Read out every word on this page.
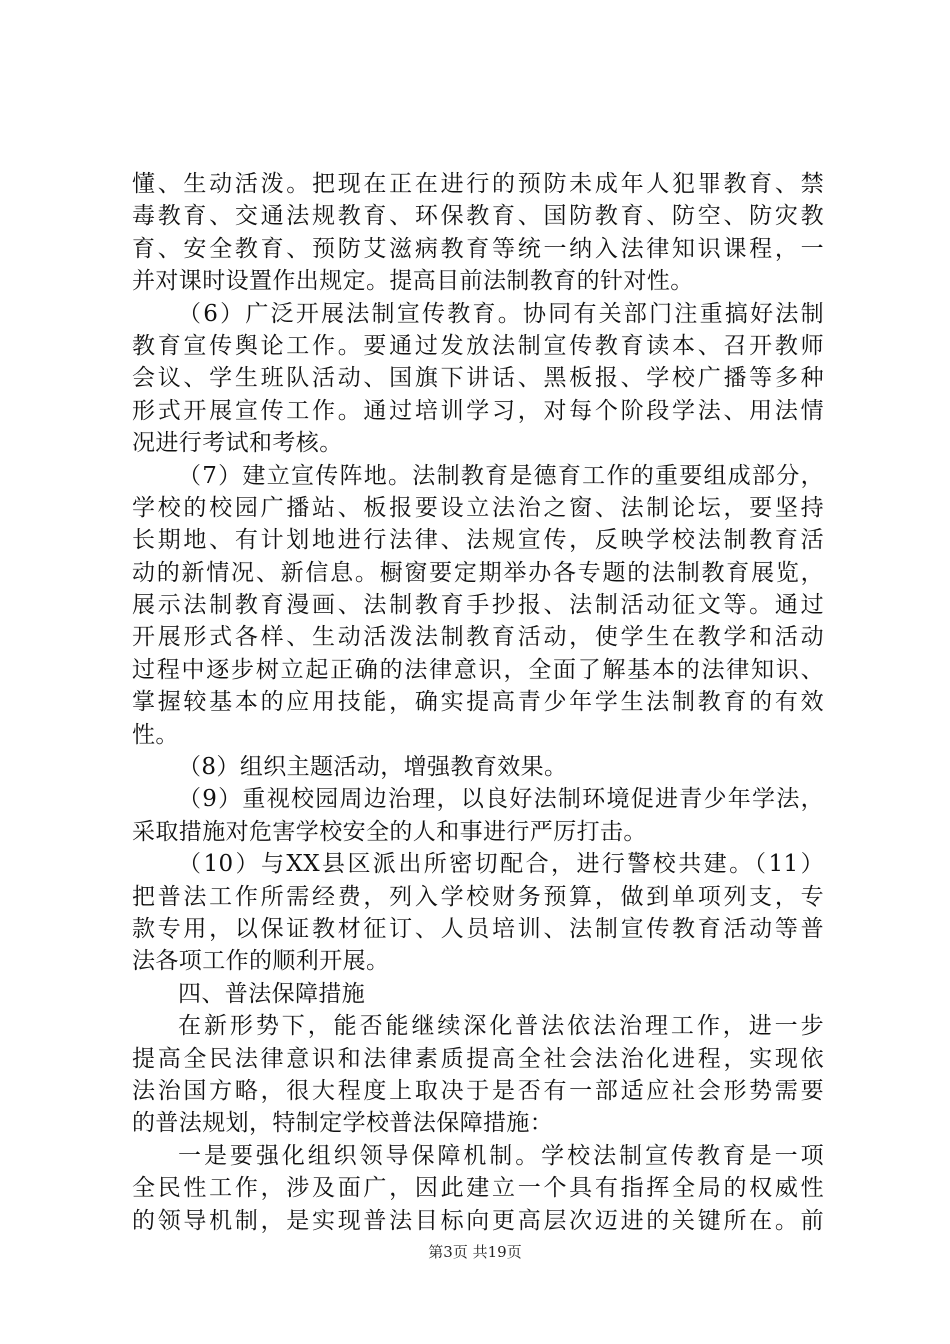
懂、生动活泼。把现在正在进行的预防未成年人犯罪教育、禁
毒教育、交通法规教育、环保教育、国防教育、防空、防灾教
育、安全教育、预防艾滋病教育等统一纳入法律知识课程，一
并对课时设置作出规定。提高目前法制教育的针对性。
（6）广泛开展法制宣传教育。协同有关部门注重搞好法制
教育宣传舆论工作。要通过发放法制宣传教育读本、召开教师
会议、学生班队活动、国旗下讲话、黑板报、学校广播等多种
形式开展宣传工作。通过培训学习，对每个阶段学法、用法情
况进行考试和考核。
（7）建立宣传阵地。法制教育是德育工作的重要组成部分，
学校的校园广播站、板报要设立法治之窗、法制论坛，要坚持
长期地、有计划地进行法律、法规宣传，反映学校法制教育活
动的新情况、新信息。橱窗要定期举办各专题的法制教育展览，
展示法制教育漫画、法制教育手抄报、法制活动征文等。通过
开展形式各样、生动活泼法制教育活动，使学生在教学和活动
过程中逐步树立起正确的法律意识，全面了解基本的法律知识、
掌握较基本的应用技能，确实提高青少年学生法制教育的有效
性。
（8）组织主题活动，增强教育效果。
（9）重视校园周边治理，以良好法制环境促进青少年学法，
采取措施对危害学校安全的人和事进行严厉打击。
（10）与XX县区派出所密切配合，进行警校共建。（11）
把普法工作所需经费，列入学校财务预算，做到单项列支，专
款专用，以保证教材征订、人员培训、法制宣传教育活动等普
法各项工作的顺利开展。
四、普法保障措施
在新形势下，能否能继续深化普法依法治理工作，进一步
提高全民法律意识和法律素质提高全社会法治化进程，实现依
法治国方略，很大程度上取决于是否有一部适应社会形势需要
的普法规划，特制定学校普法保障措施：
一是要强化组织领导保障机制。学校法制宣传教育是一项
全民性工作，涉及面广，因此建立一个具有指挥全局的权威性
的领导机制，是实现普法目标向更高层次迈进的关键所在。前
第3页 共19页
